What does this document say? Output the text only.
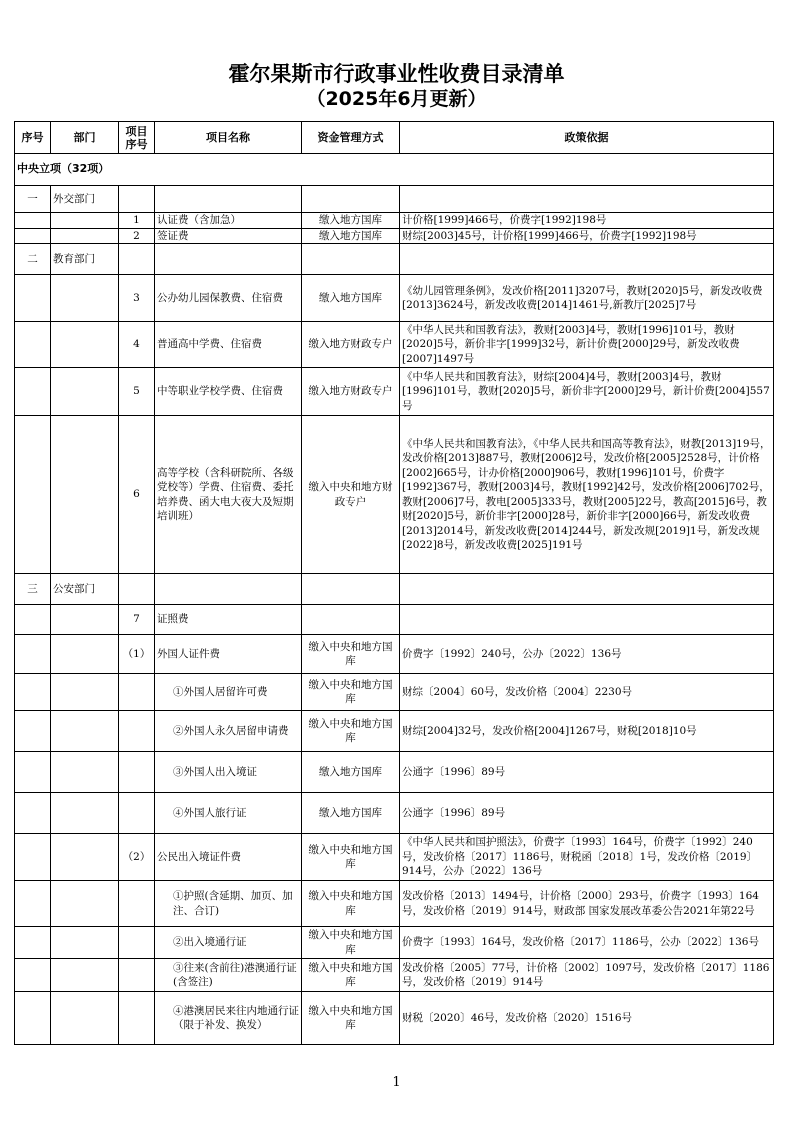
霍尔果斯市行政事业性收费目录清单
（2025年6月更新）
序号	部门	项目序号	项目名称	资金管理方式	政策依据
中央立项（32项）					
一	外交部门				
		1	认证费（含加急）	缴入地方国库	计价格[1999]466号，价费字[1992]198号
		2	签证费	缴入地方国库	财综[2003]45号，计价格[1999]466号，价费字[1992]198号
二	教育部门				
		3	公办幼儿园保教费、住宿费	缴入地方国库	《幼儿园管理条例》，发改价格[2011]3207号，教财[2020]5号，新发改收费[2013]3624号，新发改收费[2014]1461号,新教厅[2025]7号
		4	普通高中学费、住宿费	缴入地方财政专户	《中华人民共和国教育法》，教财[2003]4号，教财[1996]101号，教财[2020]5号，新价非字[1999]32号，新计价费[2000]29号，新发改收费[2007]1497号
		5	中等职业学校学费、住宿费	缴入地方财政专户	《中华人民共和国教育法》，财综[2004]4号，教财[2003]4号，教财[1996]101号，教财[2020]5号，新价非字[2000]29号，新计价费[2004]557号
		6	高等学校（含科研院所、各级党校等）学费、住宿费、委托培养费、函大电大夜大及短期培训班）	缴入中央和地方财政专户	《中华人民共和国教育法》，《中华人民共和国高等教育法》，财教[2013]19号，发改价格[2013]887号，教财[2006]2号，发改价格[2005]2528号，计价格[2002]665号，计办价格[2000]906号，教财[1996]101号，价费字[1992]367号，教财[2003]4号，教财[1992]42号，发改价格[2006]702号，教财[2006]7号，教电[2005]333号，教财[2005]22号，教高[2015]6号，教财[2020]5号，新价非字[2000]28号，新价非字[2000]66号，新发改收费[2013]2014号，新发改收费[2014]244号，新发改规[2019]1号，新发改规[2022]8号，新发改收费[2025]191号
三	公安部门				
		7	证照费		
		（1）	外国人证件费	缴入中央和地方国库	价费字〔1992〕240号，公办〔2022〕136号
			①外国人居留许可费	缴入中央和地方国库	财综〔2004〕60号，发改价格〔2004〕2230号
			②外国人永久居留申请费	缴入中央和地方国库	财综[2004]32号，发改价格[2004]1267号，财税[2018]10号
			③外国人出入境证	缴入地方国库	公通字〔1996〕89号
			④外国人旅行证	缴入地方国库	公通字〔1996〕89号
		（2）	公民出入境证件费	缴入中央和地方国库	《中华人民共和国护照法》，价费字〔1993〕164号，价费字〔1992〕240号，发改价格〔2017〕1186号，财税函〔2018〕1号，发改价格〔2019〕914号，公办〔2022〕136号
			①护照(含延期、加页、加注、合订)	缴入中央和地方国库	发改价格〔2013〕1494号，计价格〔2000〕293号，价费字〔1993〕164号，发改价格〔2019〕914号，财政部 国家发展改革委公告2021年第22号
			②出入境通行证	缴入中央和地方国库	价费字〔1993〕164号，发改价格〔2017〕1186号，公办〔2022〕136号
			③往来(含前往)港澳通行证(含签注)	缴入中央和地方国库	发改价格〔2005〕77号，计价格〔2002〕1097号，发改价格〔2017〕1186号，发改价格〔2019〕914号
			④港澳居民来往内地通行证（限于补发、换发）	缴入中央和地方国库	财税〔2020〕46号，发改价格〔2020〕1516号
1
